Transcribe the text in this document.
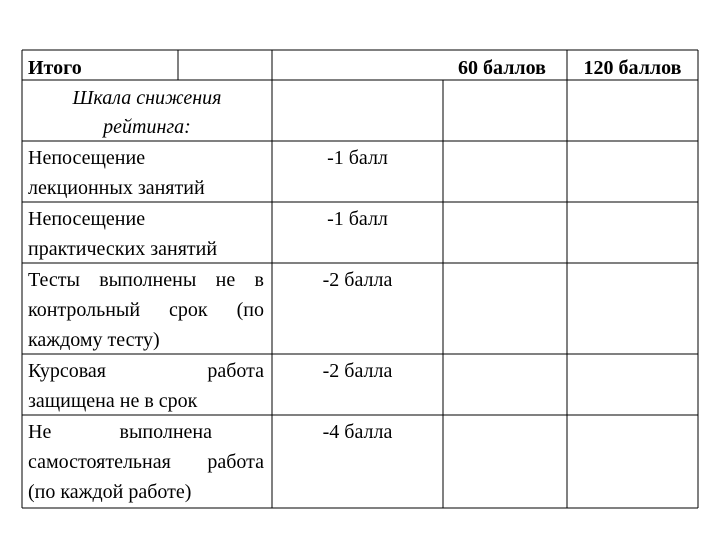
Итого	60 баллов	120 баллов

Шкала снижения

рейтинга:

Непосещение

лекционных занятий

-1 балл

Непосещение

практических занятий

-1 балл

Тесты выполнены не в

контрольный срок (по

каждому тесту)

-2 балла

Курсовая работа

защищена не в срок

-2 балла

Не выполнена

самостоятельная работа

(по каждой работе)

-4 балла
